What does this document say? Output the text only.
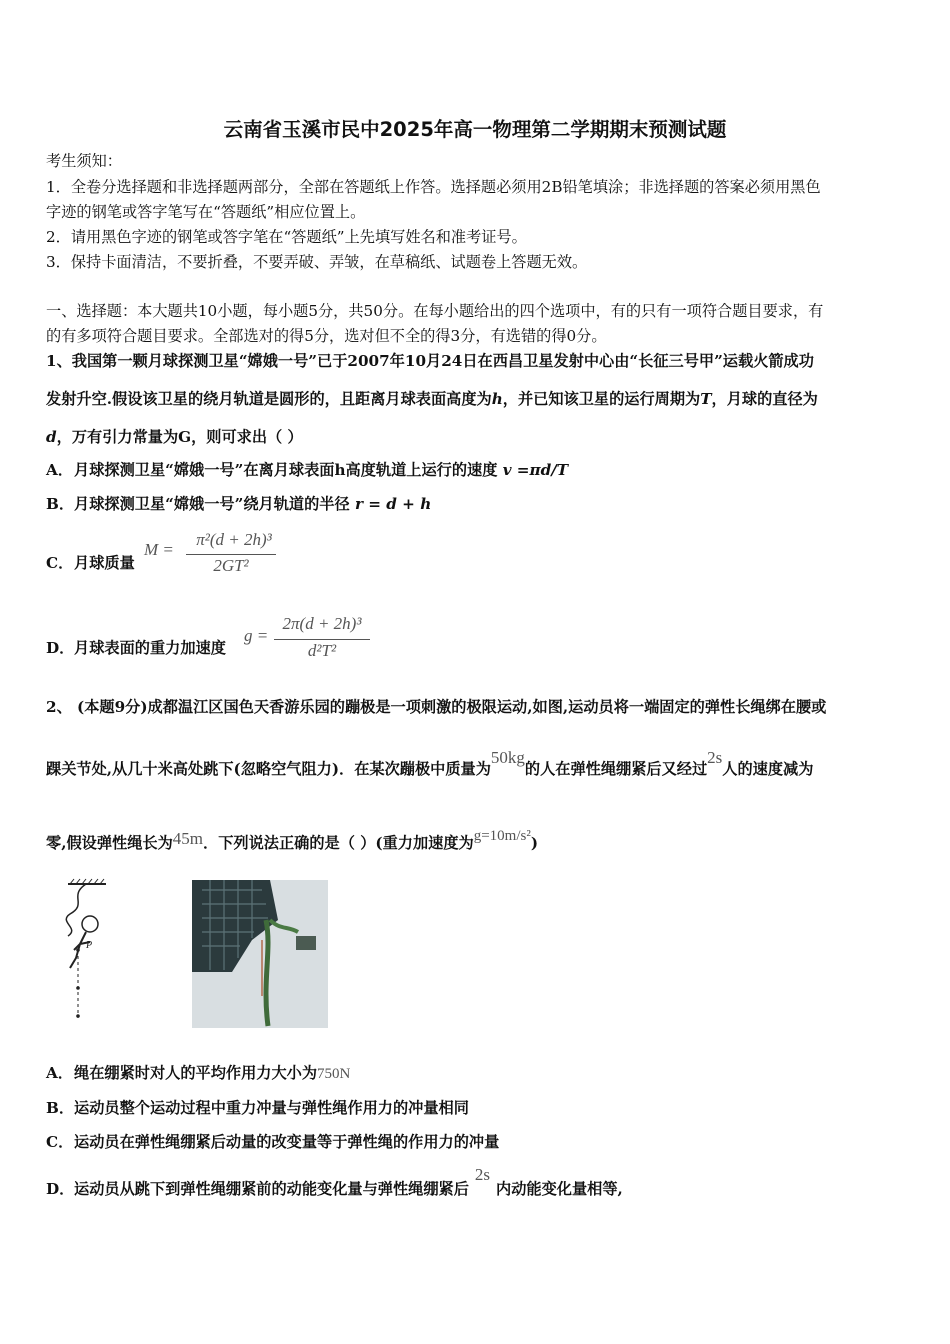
云南省玉溪市民中2025年高一物理第二学期期末预测试题
考生须知：
1．全卷分选择题和非选择题两部分，全部在答题纸上作答。选择题必须用2B铅笔填涂；非选择题的答案必须用黑色
字迹的钢笔或答字笔写在“答题纸”相应位置上。
2．请用黑色字迹的钢笔或答字笔在“答题纸”上先填写姓名和准考证号。
3．保持卡面清洁，不要折叠，不要弄破、弄皱，在草稿纸、试题卷上答题无效。
一、选择题：本大题共10小题，每小题5分，共50分。在每小题给出的四个选项中，有的只有一项符合题目要求，有
的有多项符合题目要求。全部选对的得5分，选对但不全的得3分，有选错的得0分。
1、我国第一颗月球探测卫星“嫦娥一号”已于2007年10月24日在西昌卫星发射中心由“长征三号甲”运载火箭成功
发射升空.假设该卫星的绕月轨道是圆形的，且距离月球表面高度为h，并已知该卫星的运行周期为T，月球的直径为
d，万有引力常量为G，则可求出（ ）
A．月球探测卫星“嫦娥一号”在离月球表面h高度轨道上运行的速度 v =πd/T
B．月球探测卫星“嫦娥一号”绕月轨道的半径 r = d + h
C．月球质量
M =
π²(d + 2h)³
2GT²
D．月球表面的重力加速度
g =
2π(d + 2h)³
d²T²
2、 (本题9分)成都温江区国色天香游乐园的蹦极是一项刺激的极限运动,如图,运动员将一端固定的弹性长绳绑在腰或
踝关节处,从几十米高处跳下(忽略空气阻力)．在某次蹦极中质量为50kg的人在弹性绳绷紧后又经过2s人的速度减为
零,假设弹性绳长为45m．下列说法正确的是（ ）(重力加速度为g=10m/s²)
P
A．绳在绷紧时对人的平均作用力大小为750N
B．运动员整个运动过程中重力冲量与弹性绳作用力的冲量相同
C．运动员在弹性绳绷紧后动量的改变量等于弹性绳的作用力的冲量
D．运动员从跳下到弹性绳绷紧前的动能变化量与弹性绳绷紧后2s内动能变化量相等,
